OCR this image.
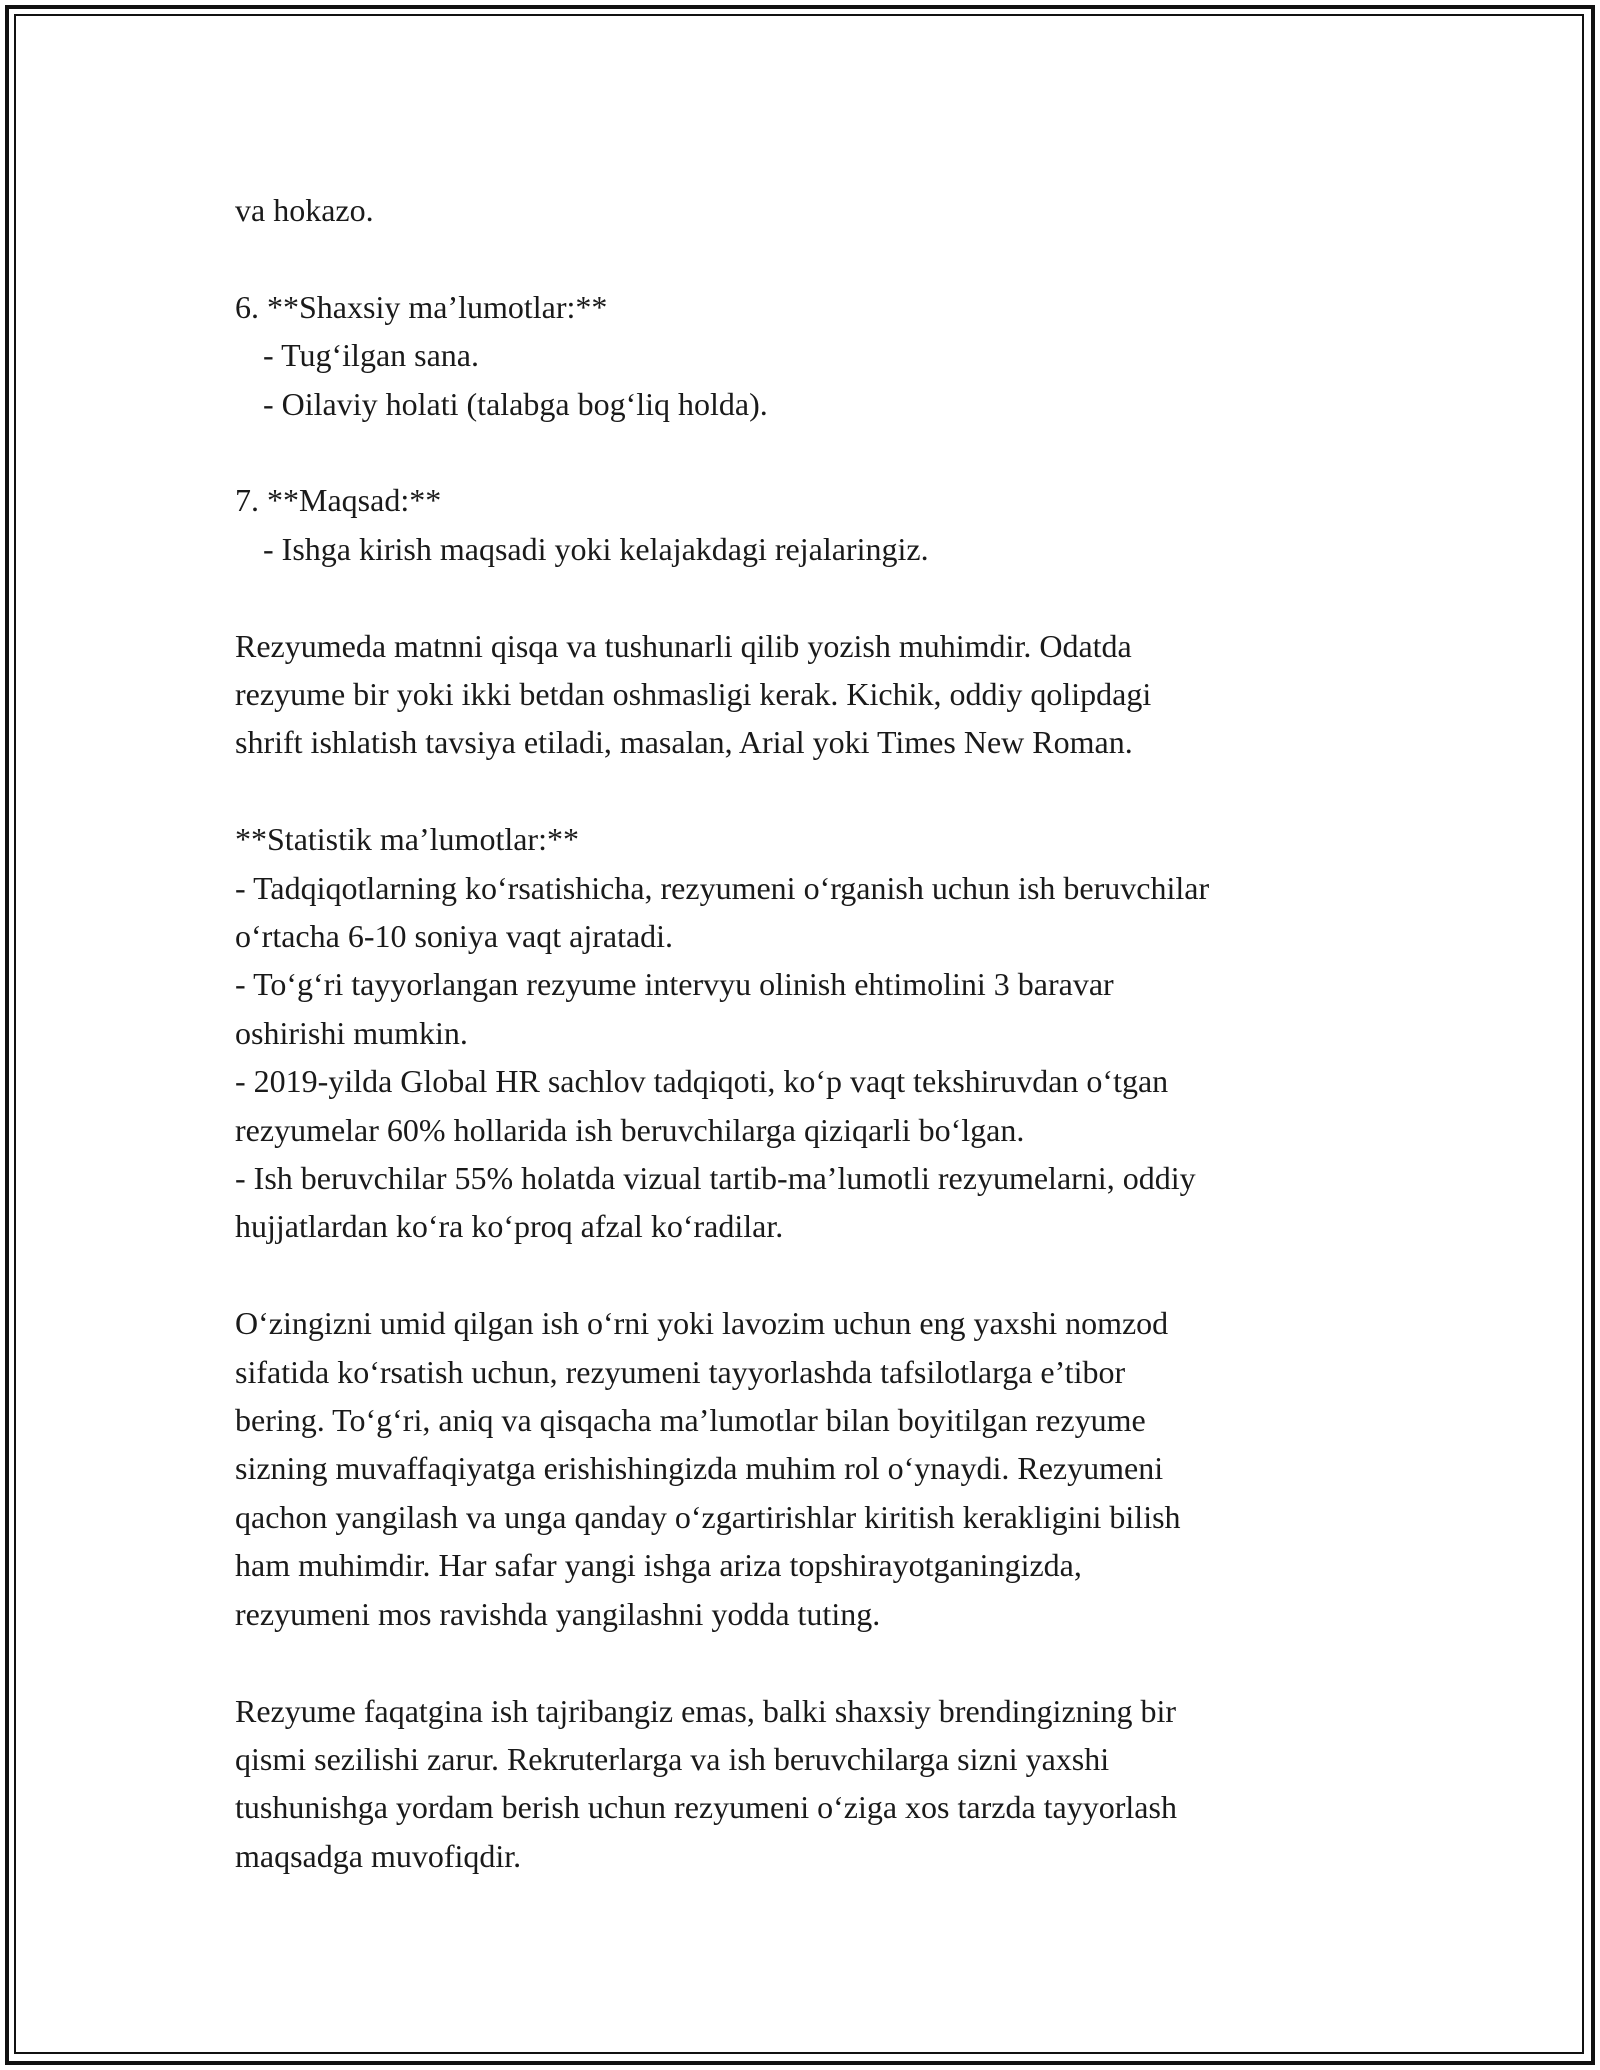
va hokazo.
6. **Shaxsiy ma’lumotlar:**
- Tug‘ilgan sana.
- Oilaviy holati (talabga bog‘liq holda).
7. **Maqsad:**
- Ishga kirish maqsadi yoki kelajakdagi rejalaringiz.
Rezyumeda matnni qisqa va tushunarli qilib yozish muhimdir. Odatda
rezyume bir yoki ikki betdan oshmasligi kerak. Kichik, oddiy qolipdagi
shrift ishlatish tavsiya etiladi, masalan, Arial yoki Times New Roman.
**Statistik ma’lumotlar:**
- Tadqiqotlarning ko‘rsatishicha, rezyumeni o‘rganish uchun ish beruvchilar
o‘rtacha 6-10 soniya vaqt ajratadi.
- To‘g‘ri tayyorlangan rezyume intervyu olinish ehtimolini 3 baravar
oshirishi mumkin.
- 2019-yilda Global HR sachlov tadqiqoti, ko‘p vaqt tekshiruvdan o‘tgan
rezyumelar 60% hollarida ish beruvchilarga qiziqarli bo‘lgan.
- Ish beruvchilar 55% holatda vizual tartib-ma’lumotli rezyumelarni, oddiy
hujjatlardan ko‘ra ko‘proq afzal ko‘radilar.
O‘zingizni umid qilgan ish o‘rni yoki lavozim uchun eng yaxshi nomzod
sifatida ko‘rsatish uchun, rezyumeni tayyorlashda tafsilotlarga e’tibor
bering. To‘g‘ri, aniq va qisqacha ma’lumotlar bilan boyitilgan rezyume
sizning muvaffaqiyatga erishishingizda muhim rol o‘ynaydi. Rezyumeni
qachon yangilash va unga qanday o‘zgartirishlar kiritish kerakligini bilish
ham muhimdir. Har safar yangi ishga ariza topshirayotganingizda,
rezyumeni mos ravishda yangilashni yodda tuting.
Rezyume faqatgina ish tajribangiz emas, balki shaxsiy brendingizning bir
qismi sezilishi zarur. Rekruterlarga va ish beruvchilarga sizni yaxshi
tushunishga yordam berish uchun rezyumeni o‘ziga xos tarzda tayyorlash
maqsadga muvofiqdir.
